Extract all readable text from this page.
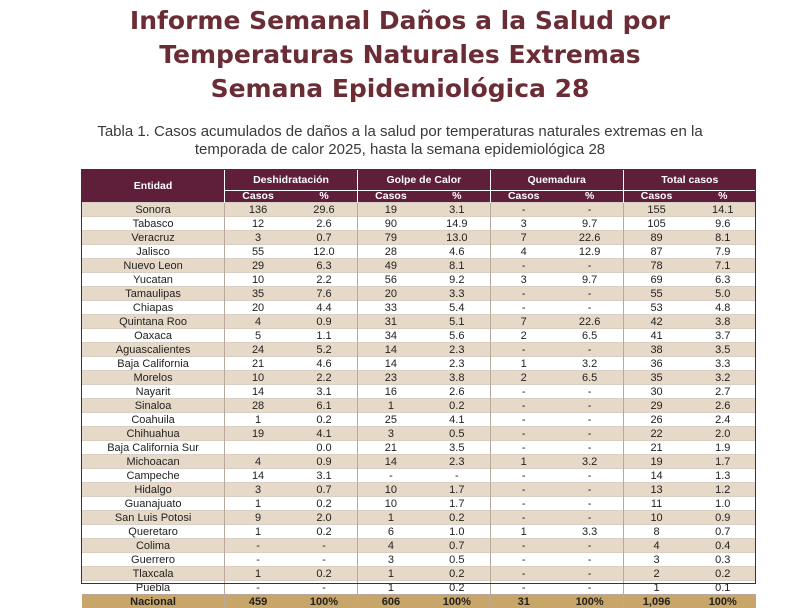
Informe Semanal Daños a la Salud por
Temperaturas Naturales Extremas
Semana Epidemiológica 28
Tabla 1. Casos acumulados de daños a la salud por temperaturas naturales extremas en la
temporada de calor 2025, hasta la semana epidemiológica 28
Entidad	Deshidratación		Golpe de Calor		Quemadura		Total casos	
	Casos	%	Casos	%	Casos	%	Casos	%
Sonora	136	29.6	19	3.1	-	-	155	14.1
Tabasco	12	2.6	90	14.9	3	9.7	105	9.6
Veracruz	3	0.7	79	13.0	7	22.6	89	8.1
Jalisco	55	12.0	28	4.6	4	12.9	87	7.9
Nuevo Leon	29	6.3	49	8.1	-	-	78	7.1
Yucatan	10	2.2	56	9.2	3	9.7	69	6.3
Tamaulipas	35	7.6	20	3.3	-	-	55	5.0
Chiapas	20	4.4	33	5.4	-	-	53	4.8
Quintana Roo	4	0.9	31	5.1	7	22.6	42	3.8
Oaxaca	5	1.1	34	5.6	2	6.5	41	3.7
Aguascalientes	24	5.2	14	2.3	-	-	38	3.5
Baja California	21	4.6	14	2.3	1	3.2	36	3.3
Morelos	10	2.2	23	3.8	2	6.5	35	3.2
Nayarit	14	3.1	16	2.6	-	-	30	2.7
Sinaloa	28	6.1	1	0.2	-	-	29	2.6
Coahuila	1	0.2	25	4.1	-	-	26	2.4
Chihuahua	19	4.1	3	0.5	-	-	22	2.0
Baja California Sur		0.0	21	3.5	-	-	21	1.9
Michoacan	4	0.9	14	2.3	1	3.2	19	1.7
Campeche	14	3.1	-	-	-	-	14	1.3
Hidalgo	3	0.7	10	1.7	-	-	13	1.2
Guanajuato	1	0.2	10	1.7	-	-	11	1.0
San Luis Potosi	9	2.0	1	0.2	-	-	10	0.9
Queretaro	1	0.2	6	1.0	1	3.3	8	0.7
Colima	-	-	4	0.7	-	-	4	0.4
Guerrero	-	-	3	0.5	-	-	3	0.3
Tlaxcala	1	0.2	1	0.2	-	-	2	0.2
Puebla	-	-	1	0.2	-	-	1	0.1
Nacional	459	100%	606	100%	31	100%	1,096	100%
